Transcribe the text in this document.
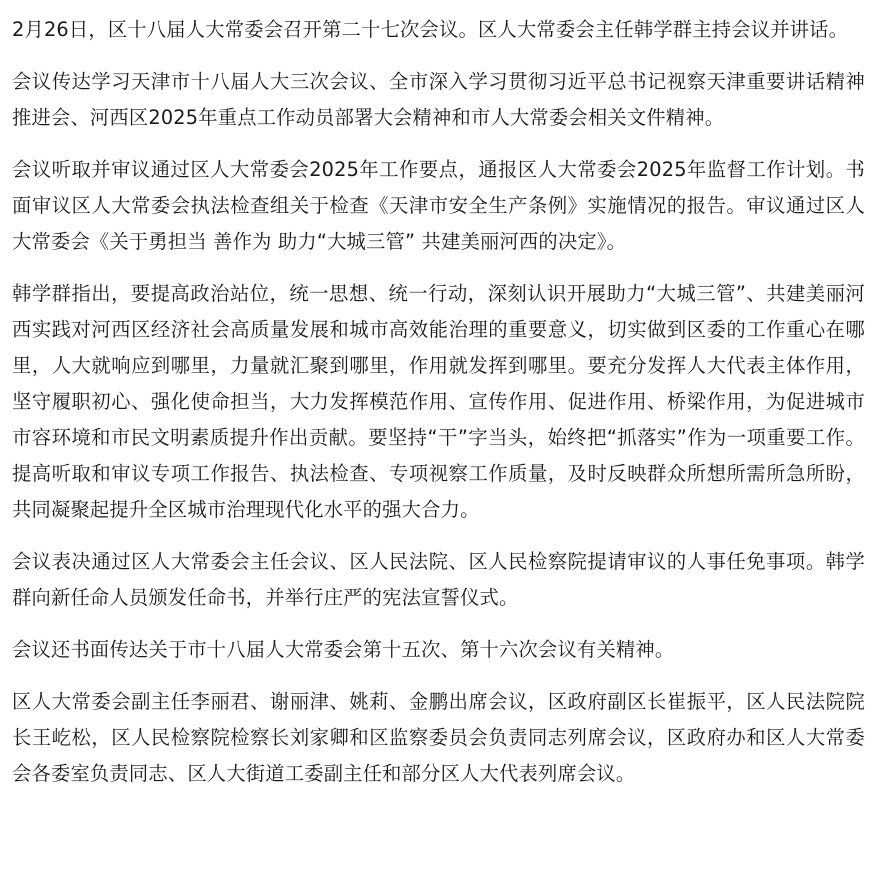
2月26日，区十八届人大常委会召开第二十七次会议。区人大常委会主任韩学群主持会议并讲话。

会议传达学习天津市十八届人大三次会议、全市深入学习贯彻习近平总书记视察天津重要讲话精神推进会、河西区2025年重点工作动员部署大会精神和市人大常委会相关文件精神。

会议听取并审议通过区人大常委会2025年工作要点，通报区人大常委会2025年监督工作计划。书面审议区人大常委会执法检查组关于检查《天津市安全生产条例》实施情况的报告。审议通过区人大常委会《关于勇担当 善作为 助力“大城三管” 共建美丽河西的决定》。

韩学群指出，要提高政治站位，统一思想、统一行动，深刻认识开展助力“大城三管”、共建美丽河西实践对河西区经济社会高质量发展和城市高效能治理的重要意义，切实做到区委的工作重心在哪里，人大就响应到哪里，力量就汇聚到哪里，作用就发挥到哪里。要充分发挥人大代表主体作用，坚守履职初心、强化使命担当，大力发挥模范作用、宣传作用、促进作用、桥梁作用，为促进城市市容环境和市民文明素质提升作出贡献。要坚持“干”字当头，始终把“抓落实”作为一项重要工作。提高听取和审议专项工作报告、执法检查、专项视察工作质量，及时反映群众所想所需所急所盼，共同凝聚起提升全区城市治理现代化水平的强大合力。

会议表决通过区人大常委会主任会议、区人民法院、区人民检察院提请审议的人事任免事项。韩学群向新任命人员颁发任命书，并举行庄严的宪法宣誓仪式。

会议还书面传达关于市十八届人大常委会第十五次、第十六次会议有关精神。

区人大常委会副主任李丽君、谢丽津、姚莉、金鹏出席会议，区政府副区长崔振平，区人民法院院长王屹松，区人民检察院检察长刘家卿和区监察委员会负责同志列席会议，区政府办和区人大常委会各委室负责同志、区人大街道工委副主任和部分区人大代表列席会议。
